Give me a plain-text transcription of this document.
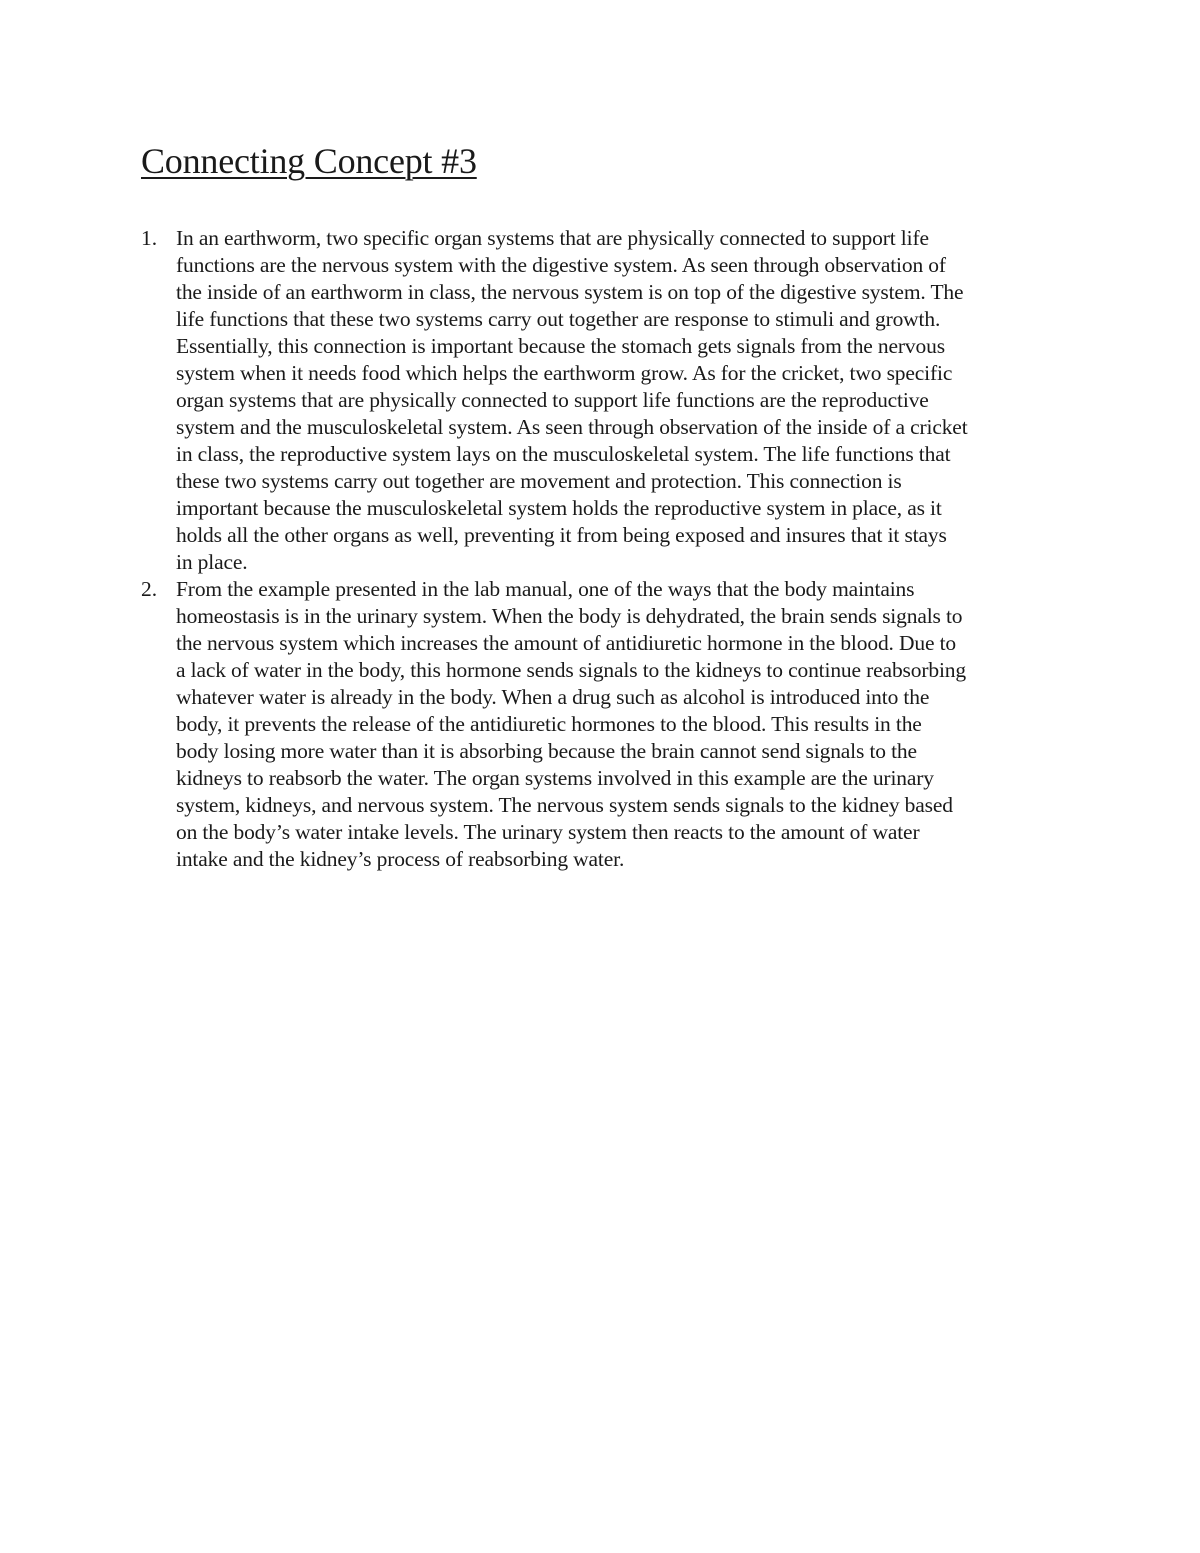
Connecting Concept #3
1. In an earthworm, two specific organ systems that are physically connected to support life
functions are the nervous system with the digestive system. As seen through observation of
the inside of an earthworm in class, the nervous system is on top of the digestive system. The
life functions that these two systems carry out together are response to stimuli and growth.
Essentially, this connection is important because the stomach gets signals from the nervous
system when it needs food which helps the earthworm grow. As for the cricket, two specific
organ systems that are physically connected to support life functions are the reproductive
system and the musculoskeletal system. As seen through observation of the inside of a cricket
in class, the reproductive system lays on the musculoskeletal system. The life functions that
these two systems carry out together are movement and protection. This connection is
important because the musculoskeletal system holds the reproductive system in place, as it
holds all the other organs as well, preventing it from being exposed and insures that it stays
in place.
2. From the example presented in the lab manual, one of the ways that the body maintains
homeostasis is in the urinary system. When the body is dehydrated, the brain sends signals to
the nervous system which increases the amount of antidiuretic hormone in the blood. Due to
a lack of water in the body, this hormone sends signals to the kidneys to continue reabsorbing
whatever water is already in the body. When a drug such as alcohol is introduced into the
body, it prevents the release of the antidiuretic hormones to the blood. This results in the
body losing more water than it is absorbing because the brain cannot send signals to the
kidneys to reabsorb the water. The organ systems involved in this example are the urinary
system, kidneys, and nervous system. The nervous system sends signals to the kidney based
on the body’s water intake levels. The urinary system then reacts to the amount of water
intake and the kidney’s process of reabsorbing water.
